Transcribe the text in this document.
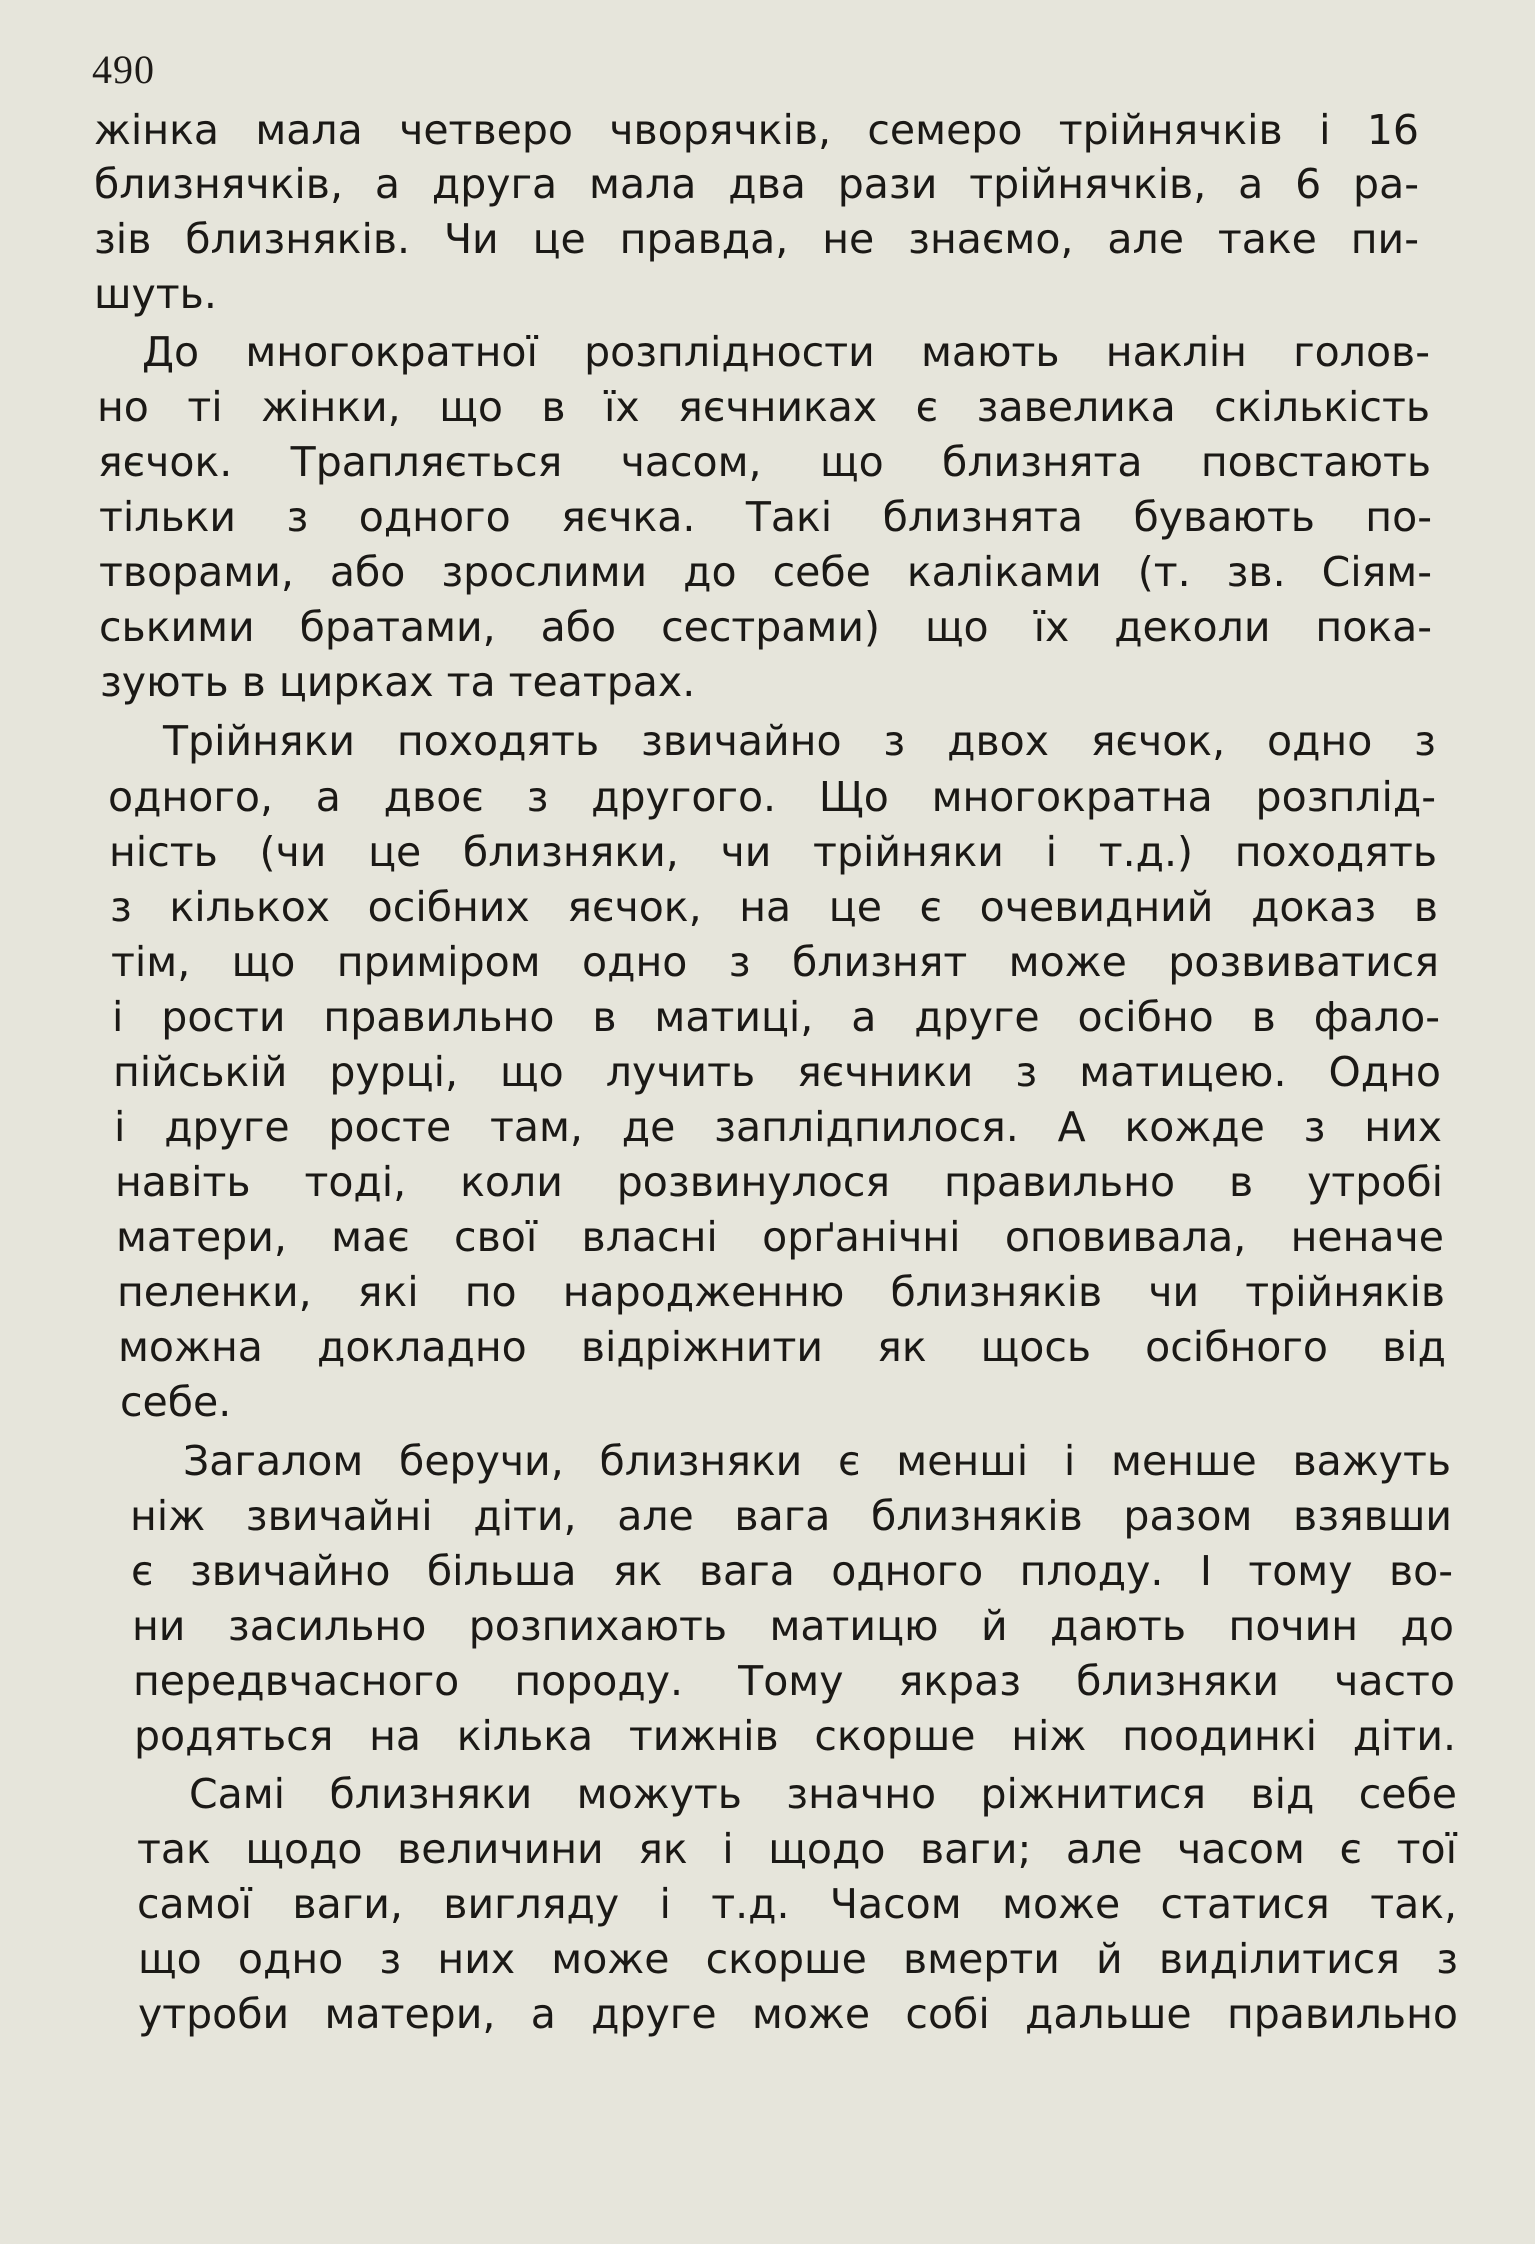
490

жінка мала четверо чворячків, семеро трійнячків і 16

близнячків, а друга мала два рази трійнячків, а 6 ра-

зів близняків. Чи це правда, не знаємо, але таке пи-

шуть.

До многократної розплідности мають наклін голов-

но ті жінки, що в їх яєчниках є завелика скількість

яєчок. Трапляється часом, що близнята повстають

тільки з одного яєчка. Такі близнята бувають по-

творами, або зрослими до себе каліками (т. зв. Сіям-

ськими братами, або сестрами) що їх деколи пока-

зують в цирках та театрах.

Трійняки походять звичайно з двох яєчок, одно з

одного, а двоє з другого. Що многократна розплід-

ність (чи це близняки, чи трійняки і т.д.) походять

з кількох осібних яєчок, на це є очевидний доказ в

тім, що приміром одно з близнят може розвиватися

і рости правильно в матиці, а друге осібно в фало-

пійській рурці, що лучить яєчники з матицею. Одно

і друге росте там, де заплідпилося. А кожде з них

навіть тоді, коли розвинулося правильно в утробі

матери, має свої власні орґанічні оповивала, неначе

пеленки, які по народженню близняків чи трійняків

можна докладно відріжнити як щось осібного від

себе.

Загалом беручи, близняки є менші і менше важуть

ніж звичайні діти, але вага близняків разом взявши

є звичайно більша як вага одного плоду. І тому во-

ни засильно розпихають матицю й дають почин до

передвчасного породу. Тому якраз близняки часто

родяться на кілька тижнів скорше ніж поодинкі діти.

Самі близняки можуть значно ріжнитися від себе

так щодо величини як і щодо ваги; але часом є тої

самої ваги, вигляду і т.д. Часом може статися так,

що одно з них може скорше вмерти й виділитися з

утроби матери, а друге може собі дальше правильно
